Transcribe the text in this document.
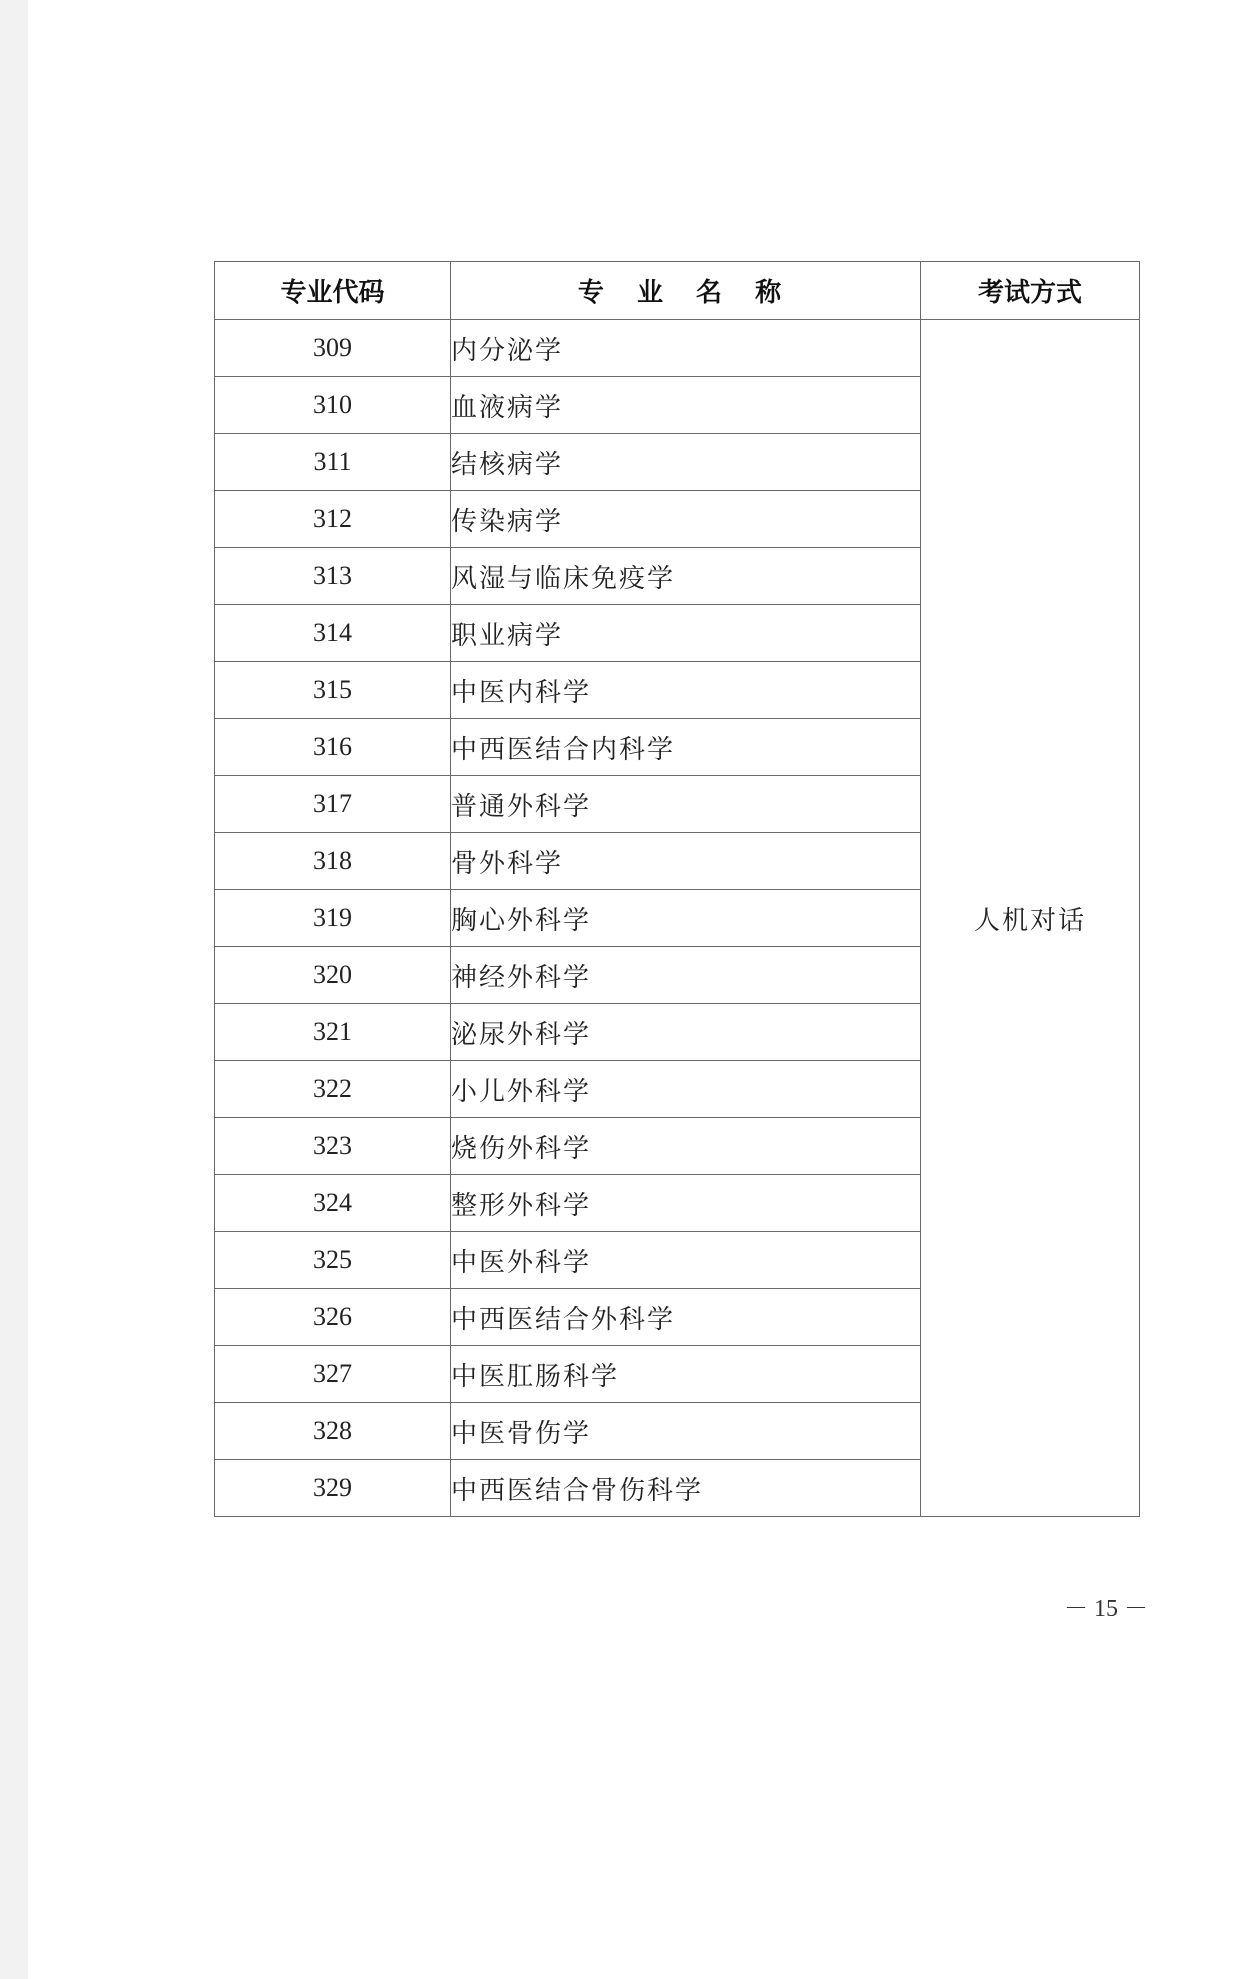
专业代码	专 业 名 称	考试方式
309	内分泌学	人机对话
310	血液病学	
311	结核病学	
312	传染病学	
313	风湿与临床免疫学	
314	职业病学	
315	中医内科学	
316	中西医结合内科学	
317	普通外科学	
318	骨外科学	
319	胸心外科学	
320	神经外科学	
321	泌尿外科学	
322	小儿外科学	
323	烧伤外科学	
324	整形外科学	
325	中医外科学	
326	中西医结合外科学	
327	中医肛肠科学	
328	中医骨伤学	
329	中西医结合骨伤科学	
－ 15 －
